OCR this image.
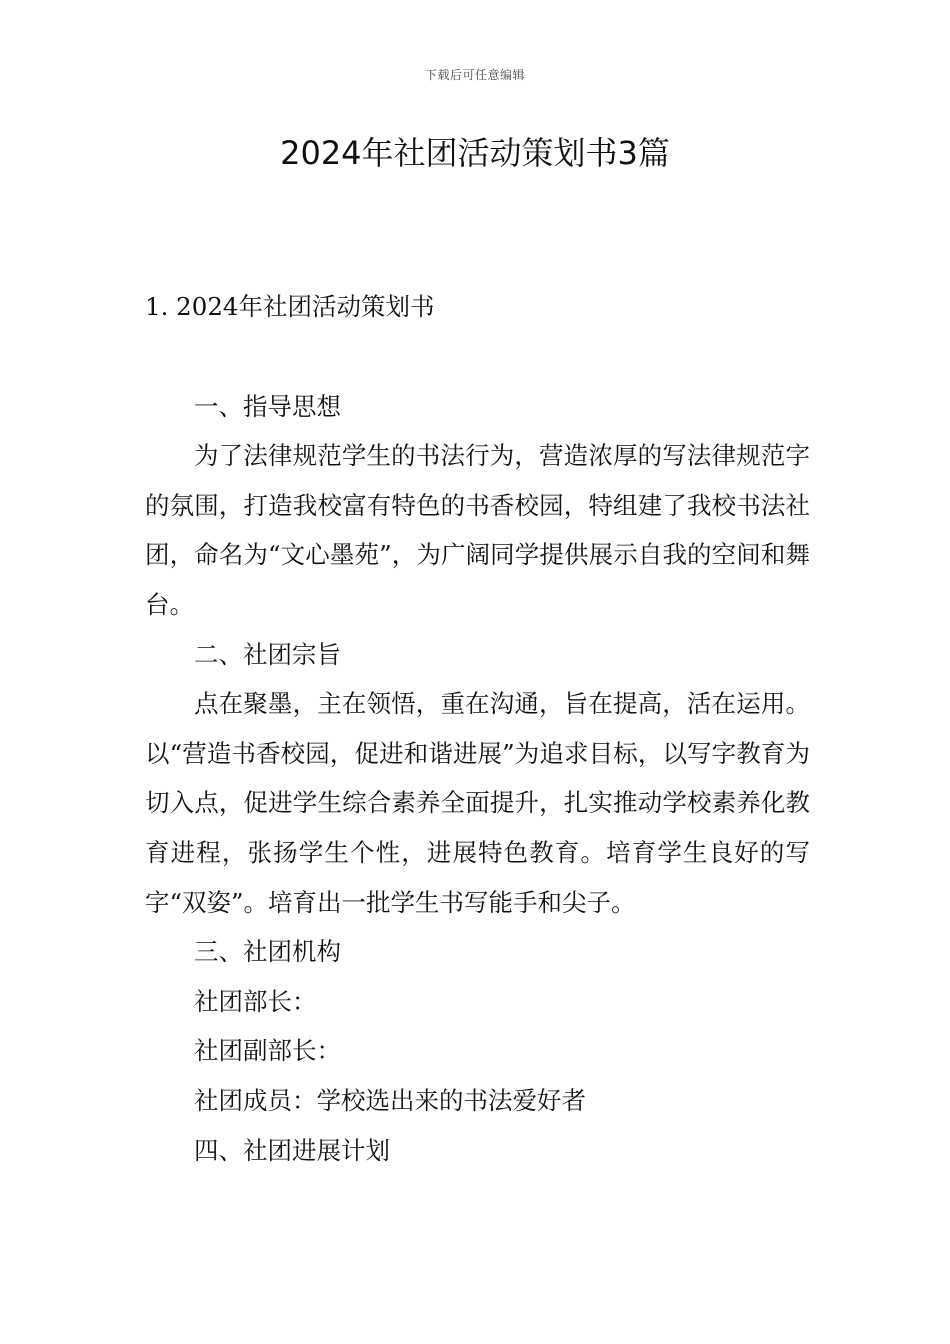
下载后可任意编辑
2024年社团活动策划书3篇

1. 2024年社团活动策划书

一、指导思想

为了法律规范学生的书法行为，营造浓厚的写法律规范字的氛围，打造我校富有特色的书香校园，特组建了我校书法社团，命名为“文心墨苑”，为广阔同学提供展示自我的空间和舞台。

二、社团宗旨

点在聚墨，主在领悟，重在沟通，旨在提高，活在运用。以“营造书香校园，促进和谐进展”为追求目标，以写字教育为切入点，促进学生综合素养全面提升，扎实推动学校素养化教育进程，张扬学生个性，进展特色教育。培育学生良好的写字“双姿”。培育出一批学生书写能手和尖子。

三、社团机构

社团部长：

社团副部长：

社团成员：学校选出来的书法爱好者

四、社团进展计划
